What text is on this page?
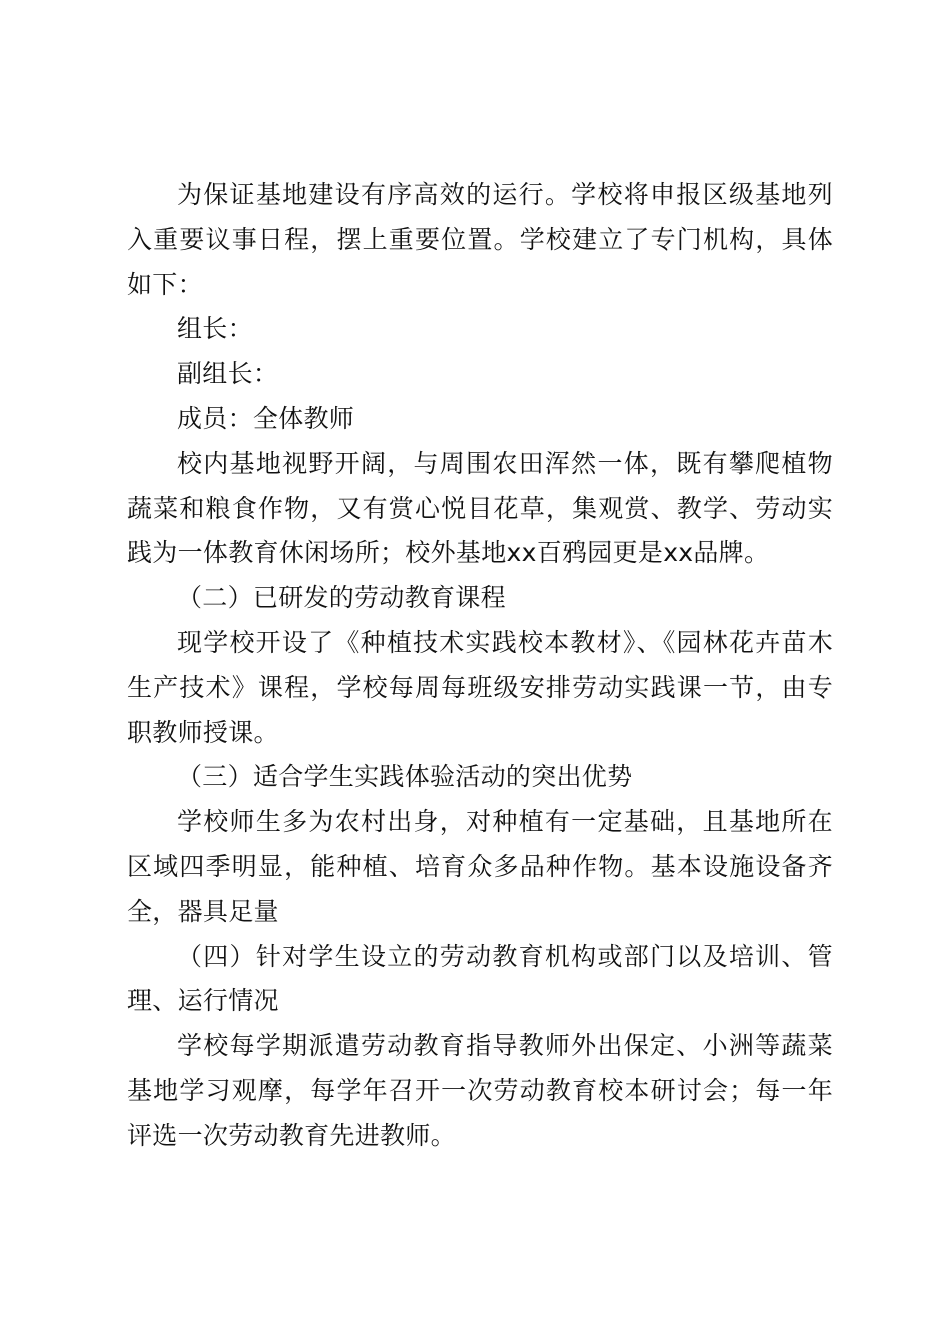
为保证基地建设有序高效的运行。学校将申报区级基地列入重要议事日程，摆上重要位置。学校建立了专门机构，具体如下：

组长：

副组长：

成员：全体教师

校内基地视野开阔，与周围农田浑然一体，既有攀爬植物蔬菜和粮食作物，又有赏心悦目花草，集观赏、教学、劳动实践为一体教育休闲场所；校外基地xx百鸦园更是xx品牌。

（二）已研发的劳动教育课程

现学校开设了《种植技术实践校本教材》、《园林花卉苗木生产技术》课程，学校每周每班级安排劳动实践课一节，由专职教师授课。

（三）适合学生实践体验活动的突出优势

学校师生多为农村出身，对种植有一定基础，且基地所在区域四季明显，能种植、培育众多品种作物。基本设施设备齐全，器具足量

（四）针对学生设立的劳动教育机构或部门以及培训、管理、运行情况

学校每学期派遣劳动教育指导教师外出保定、小洲等蔬菜基地学习观摩，每学年召开一次劳动教育校本研讨会；每一年评选一次劳动教育先进教师。
